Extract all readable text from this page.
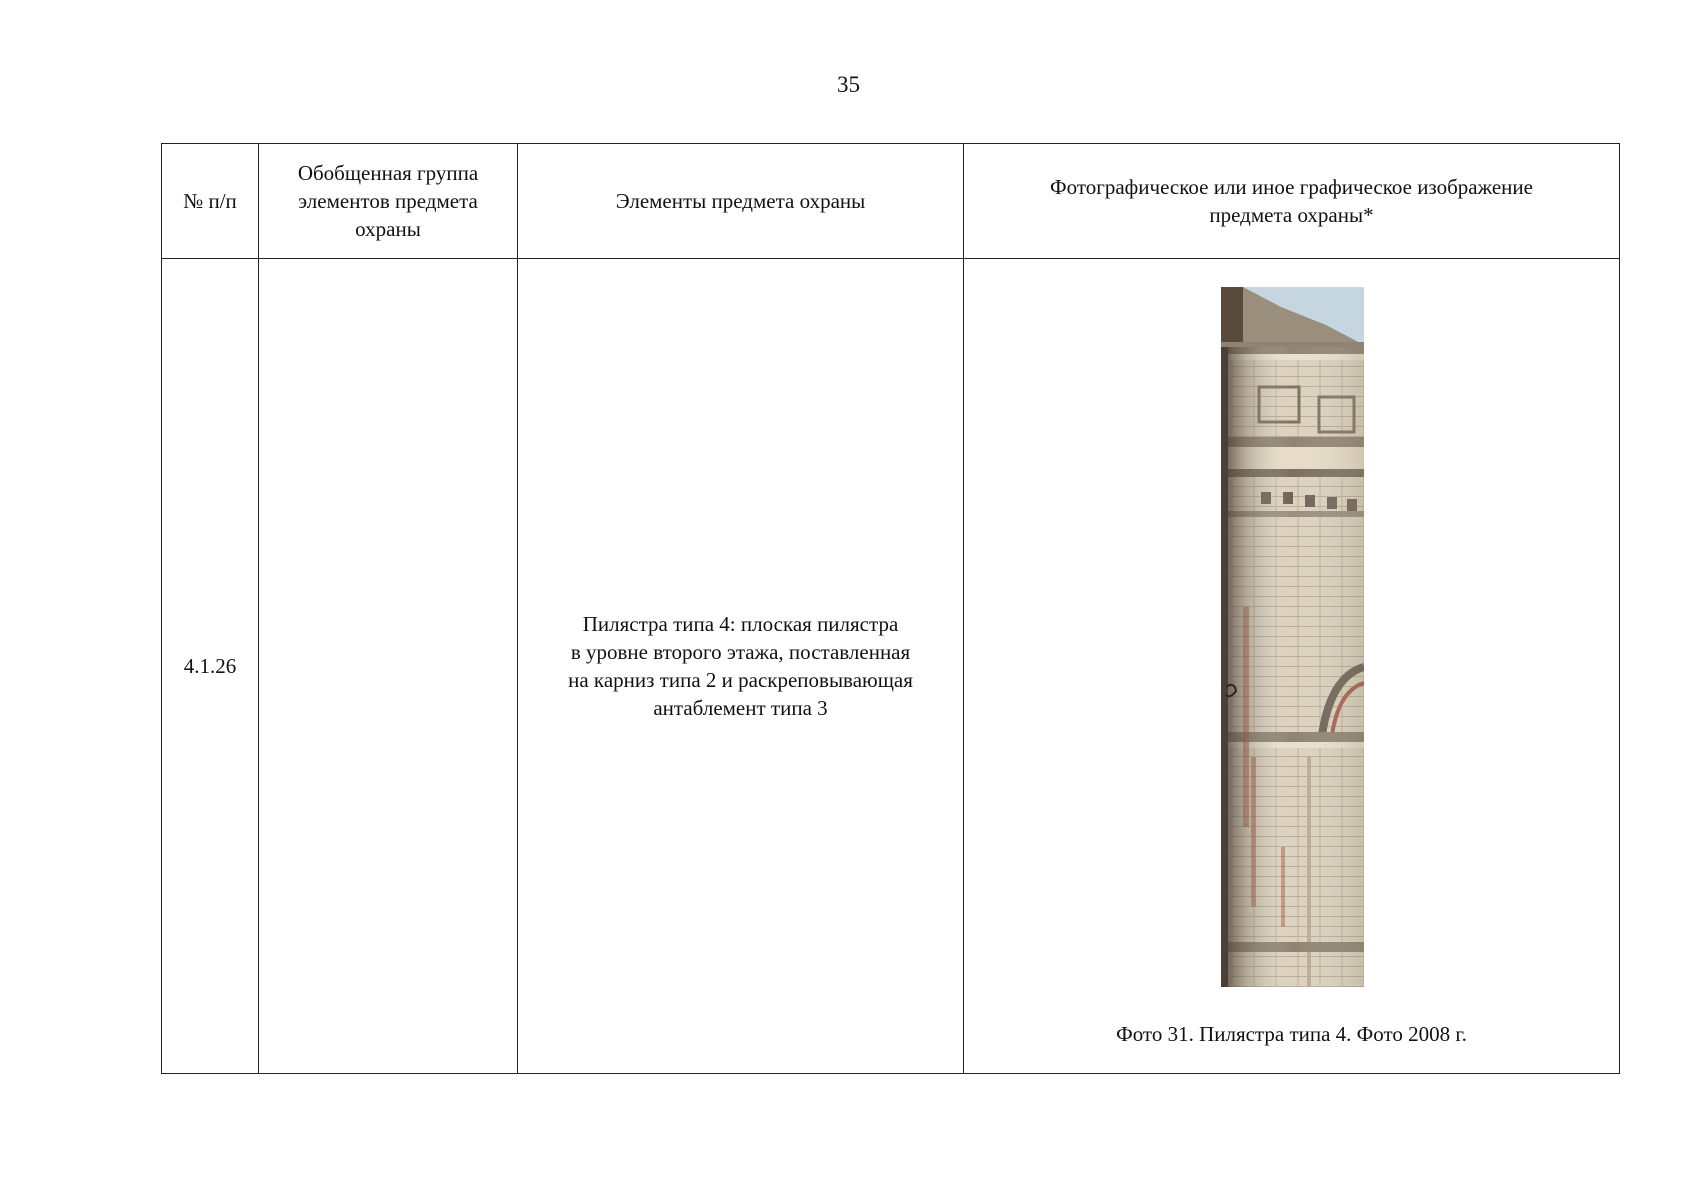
35
№ п/п	Обобщенная группа
элементов предмета
охраны	Элементы предмета охраны	Фотографическое или иное графическое изображение
предмета охраны*

4.1.26		Пилястра типа 4: плоская пилястра
в уровне второго этажа, поставленная
на карниз типа 2 и раскреповывающая
антаблемент типа 3	Фото 31. Пилястра типа 4. Фото 2008 г.
